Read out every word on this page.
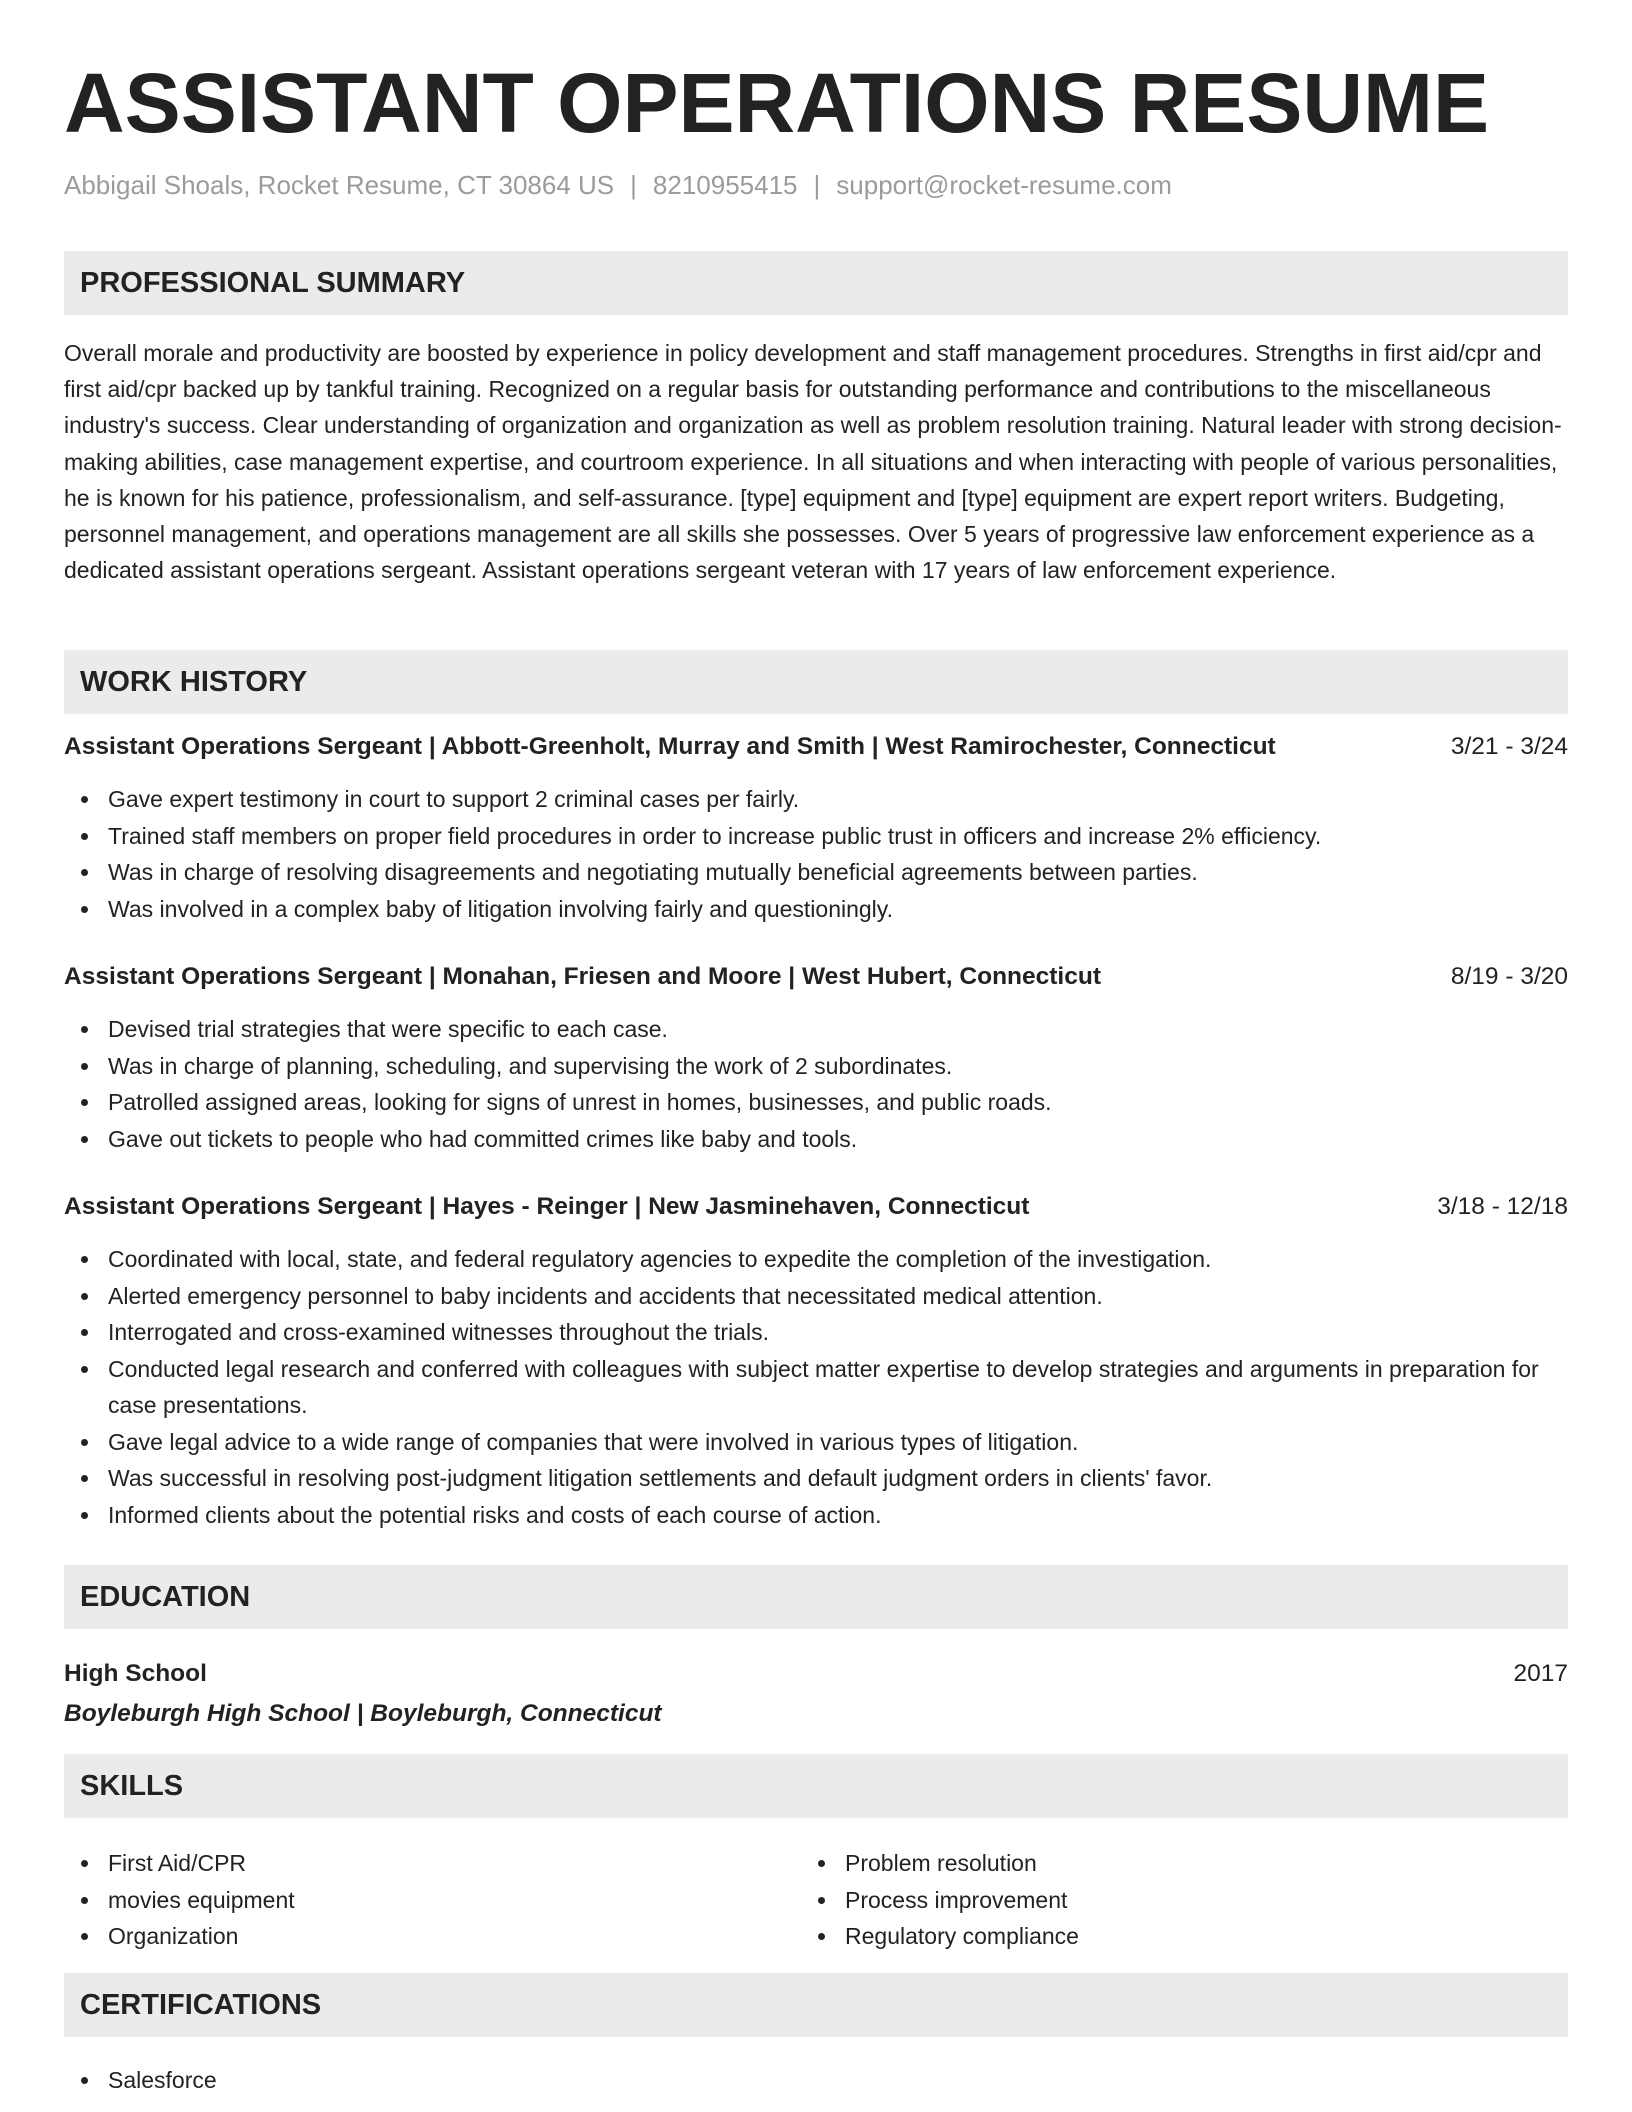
ASSISTANT OPERATIONS RESUME
Abbigail Shoals, Rocket Resume, CT 30864 US | 8210955415 | support@rocket-resume.com
PROFESSIONAL SUMMARY

Overall morale and productivity are boosted by experience in policy development and staff management procedures. Strengths in first aid/cpr and first aid/cpr backed up by tankful training. Recognized on a regular basis for outstanding performance and contributions to the miscellaneous industry's success. Clear understanding of organization and organization as well as problem resolution training. Natural leader with strong decision-making abilities, case management expertise, and courtroom experience. In all situations and when interacting with people of various personalities, he is known for his patience, professionalism, and self-assurance. [type] equipment and [type] equipment are expert report writers. Budgeting, personnel management, and operations management are all skills she possesses. Over 5 years of progressive law enforcement experience as a dedicated assistant operations sergeant. Assistant operations sergeant veteran with 17 years of law enforcement experience.

WORK HISTORY
Assistant Operations Sergeant | Abbott-Greenholt, Murray and Smith | West Ramirochester, Connecticut	3/21 - 3/24
Gave expert testimony in court to support 2 criminal cases per fairly.
Trained staff members on proper field procedures in order to increase public trust in officers and increase 2% efficiency.
Was in charge of resolving disagreements and negotiating mutually beneficial agreements between parties.
Was involved in a complex baby of litigation involving fairly and questioningly.
Assistant Operations Sergeant | Monahan, Friesen and Moore | West Hubert, Connecticut	8/19 - 3/20
Devised trial strategies that were specific to each case.
Was in charge of planning, scheduling, and supervising the work of 2 subordinates.
Patrolled assigned areas, looking for signs of unrest in homes, businesses, and public roads.
Gave out tickets to people who had committed crimes like baby and tools.
Assistant Operations Sergeant | Hayes - Reinger | New Jasminehaven, Connecticut	3/18 - 12/18
Coordinated with local, state, and federal regulatory agencies to expedite the completion of the investigation.
Alerted emergency personnel to baby incidents and accidents that necessitated medical attention.
Interrogated and cross-examined witnesses throughout the trials.
Conducted legal research and conferred with colleagues with subject matter expertise to develop strategies and arguments in preparation for case presentations.
Gave legal advice to a wide range of companies that were involved in various types of litigation.
Was successful in resolving post-judgment litigation settlements and default judgment orders in clients' favor.
Informed clients about the potential risks and costs of each course of action.
EDUCATION
High School	2017
Boyleburgh High School | Boyleburgh, Connecticut
SKILLS
First Aid/CPR
movies equipment
Organization
Problem resolution
Process improvement
Regulatory compliance
CERTIFICATIONS
Salesforce
